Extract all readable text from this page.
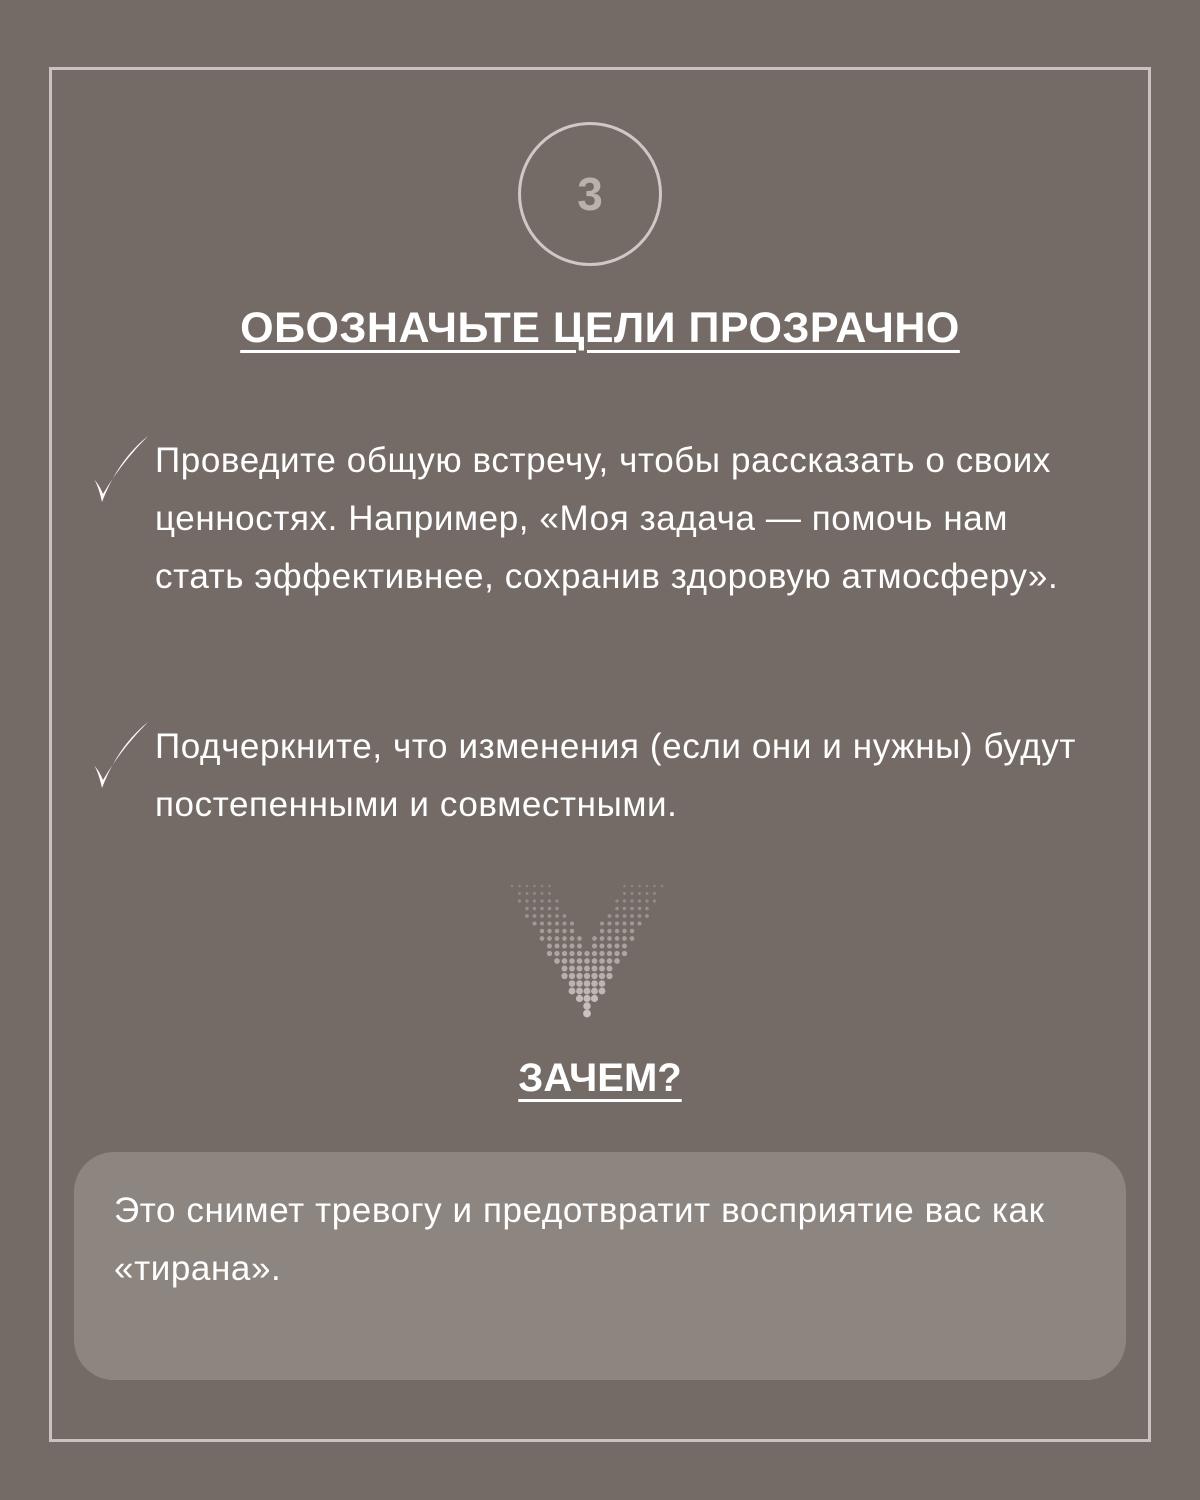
3
ОБОЗНАЧЬТЕ ЦЕЛИ ПРОЗРАЧНО
Проведите общую встречу, чтобы рассказать о своих ценностях. Например, «Моя задача — помочь нам стать эффективнее, сохранив здоровую атмосферу».
Подчеркните, что изменения (если они и нужны) будут постепенными и совместными.
ЗАЧЕМ?
Это снимет тревогу и предотвратит восприятие вас как «тирана».
